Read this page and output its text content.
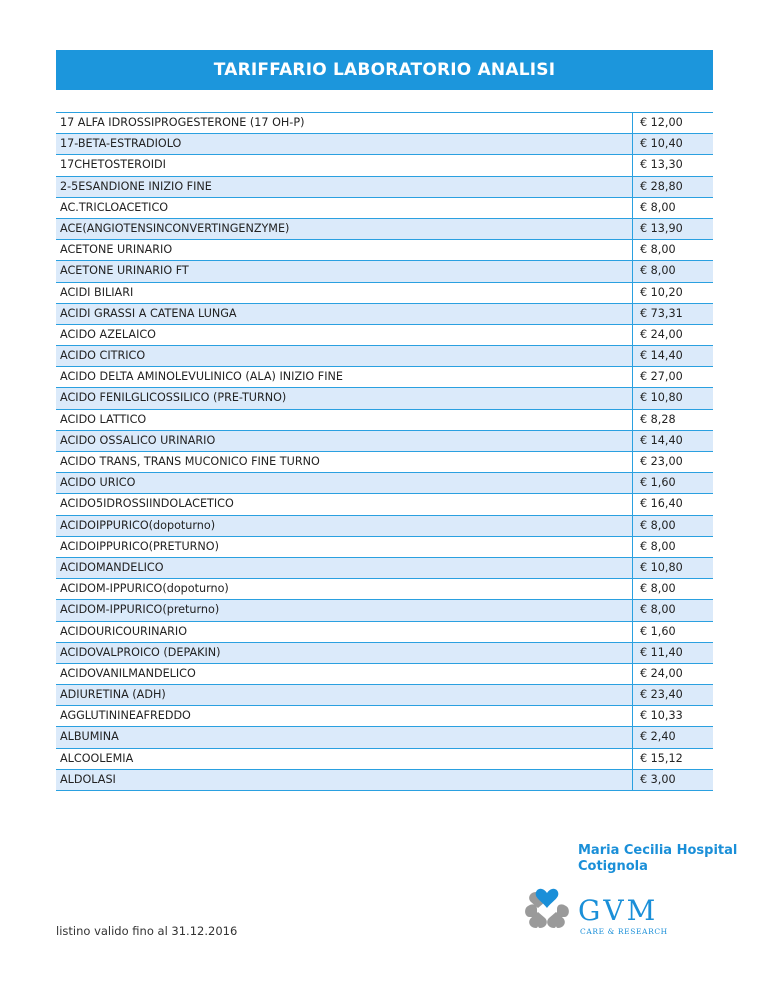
TARIFFARIO LABORATORIO ANALISI
17 ALFA IDROSSIPROGESTERONE (17 OH-P)	€ 12,00
17-BETA-ESTRADIOLO	€ 10,40
17CHETOSTEROIDI	€ 13,30
2-5ESANDIONE INIZIO FINE	€ 28,80
AC.TRICLOACETICO	€ 8,00
ACE(ANGIOTENSINCONVERTINGENZYME)	€ 13,90
ACETONE URINARIO	€ 8,00
ACETONE URINARIO FT	€ 8,00
ACIDI BILIARI	€ 10,20
ACIDI GRASSI A CATENA LUNGA	€ 73,31
ACIDO AZELAICO	€ 24,00
ACIDO CITRICO	€ 14,40
ACIDO DELTA AMINOLEVULINICO (ALA) INIZIO FINE	€ 27,00
ACIDO FENILGLICOSSILICO (PRE-TURNO)	€ 10,80
ACIDO LATTICO	€ 8,28
ACIDO OSSALICO URINARIO	€ 14,40
ACIDO TRANS, TRANS MUCONICO FINE TURNO	€ 23,00
ACIDO URICO	€ 1,60
ACIDO5IDROSSIINDOLACETICO	€ 16,40
ACIDOIPPURICO(dopoturno)	€ 8,00
ACIDOIPPURICO(PRETURNO)	€ 8,00
ACIDOMANDELICO	€ 10,80
ACIDOM-IPPURICO(dopoturno)	€ 8,00
ACIDOM-IPPURICO(preturno)	€ 8,00
ACIDOURICOURINARIO	€ 1,60
ACIDOVALPROICO (DEPAKIN)	€ 11,40
ACIDOVANILMANDELICO	€ 24,00
ADIURETINA (ADH)	€ 23,40
AGGLUTININEAFREDDO	€ 10,33
ALBUMINA	€ 2,40
ALCOOLEMIA	€ 15,12
ALDOLASI	€ 3,00
listino valido fino al 31.12.2016
Maria Cecilia Hospital
Cotignola
GVM
CARE & RESEARCH
